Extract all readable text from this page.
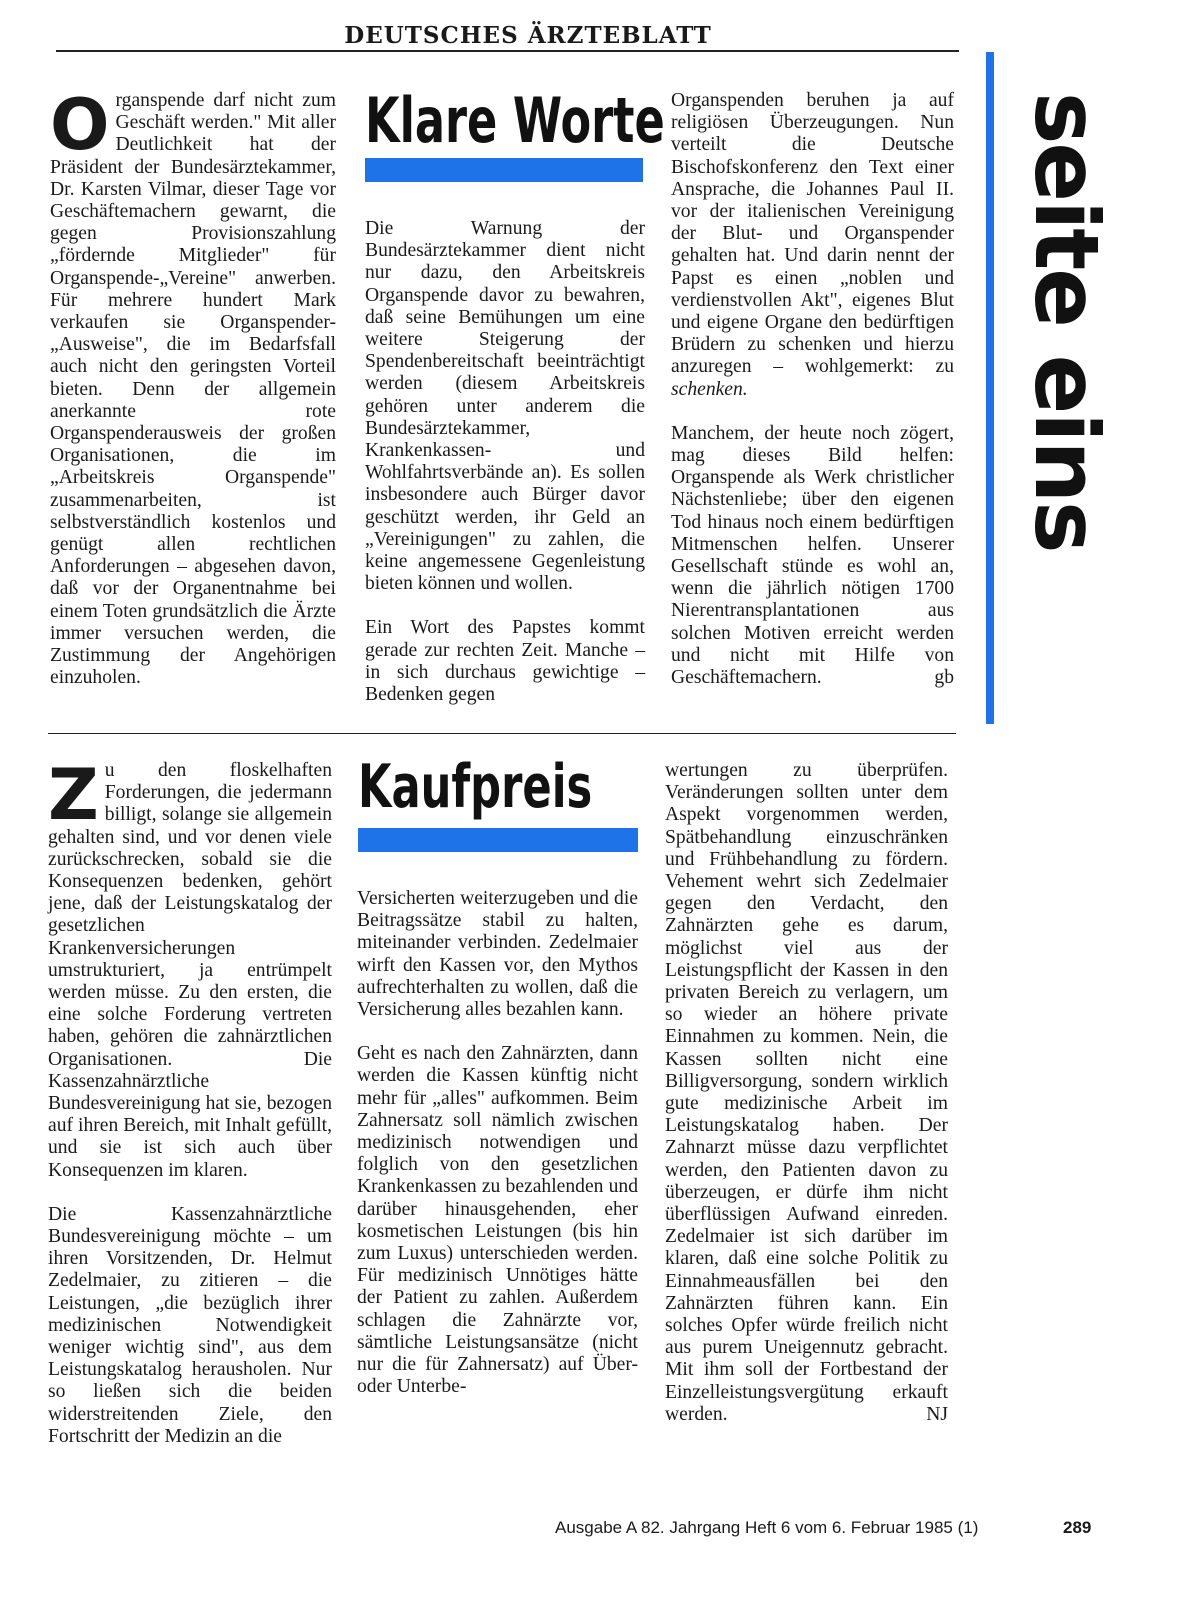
DEUTSCHES ÄRZTEBLATT
seite eins

Organspende darf nicht zum Geschäft werden." Mit aller Deutlichkeit hat der Präsident der Bundesärztekammer, Dr. Karsten Vilmar, dieser Tage vor Geschäftemachern gewarnt, die gegen Provisionszahlung „fördernde Mitglieder" für Organspende-„Vereine" anwerben. Für mehrere hundert Mark verkaufen sie Organspender-„Ausweise", die im Bedarfsfall auch nicht den geringsten Vorteil bieten. Denn der allgemein anerkannte rote Organspenderausweis der großen Organisationen, die im „Arbeitskreis Organspende" zusammenarbeiten, ist selbstverständlich kostenlos und genügt allen rechtlichen Anforderungen – abgesehen davon, daß vor der Organentnahme bei einem Toten grundsätzlich die Ärzte immer versuchen werden, die Zustimmung der Angehörigen einzuholen.

Klare Worte

Die Warnung der Bundesärztekammer dient nicht nur dazu, den Arbeitskreis Organspende davor zu bewahren, daß seine Bemühungen um eine weitere Steigerung der Spendenbereitschaft beeinträchtigt werden (diesem Arbeitskreis gehören unter anderem die Bundesärztekammer, Krankenkassen- und Wohlfahrtsverbände an). Es sollen insbesondere auch Bürger davor geschützt werden, ihr Geld an „Vereinigungen" zu zahlen, die keine angemessene Gegenleistung bieten können und wollen.

Ein Wort des Papstes kommt gerade zur rechten Zeit. Manche – in sich durchaus gewichtige – Bedenken gegen

Organspenden beruhen ja auf religiösen Überzeugungen. Nun verteilt die Deutsche Bischofskonferenz den Text einer Ansprache, die Johannes Paul II. vor der italienischen Vereinigung der Blut- und Organspender gehalten hat. Und darin nennt der Papst es einen „noblen und verdienstvollen Akt", eigenes Blut und eigene Organe den bedürftigen Brüdern zu schenken und hierzu anzuregen – wohlgemerkt: zu schenken.

Manchem, der heute noch zögert, mag dieses Bild helfen: Organspende als Werk christlicher Nächstenliebe; über den eigenen Tod hinaus noch einem bedürftigen Mitmenschen helfen. Unserer Gesellschaft stünde es wohl an, wenn die jährlich nötigen 1700 Nierentransplantationen aus solchen Motiven erreicht werden und nicht mit Hilfe von Geschäftemachern.	gb

Zu den floskelhaften Forderungen, die jedermann billigt, solange sie allgemein gehalten sind, und vor denen viele zurückschrecken, sobald sie die Konsequenzen bedenken, gehört jene, daß der Leistungskatalog der gesetzlichen Krankenversicherungen umstrukturiert, ja entrümpelt werden müsse. Zu den ersten, die eine solche Forderung vertreten haben, gehören die zahnärztlichen Organisationen. Die Kassenzahnärztliche Bundesvereinigung hat sie, bezogen auf ihren Bereich, mit Inhalt gefüllt, und sie ist sich auch über Konsequenzen im klaren.

Die Kassenzahnärztliche Bundesvereinigung möchte – um ihren Vorsitzenden, Dr. Helmut Zedelmaier, zu zitieren – die Leistungen, „die bezüglich ihrer medizinischen Notwendigkeit weniger wichtig sind", aus dem Leistungskatalog herausholen. Nur so ließen sich die beiden widerstreitenden Ziele, den Fortschritt der Medizin an die

Kaufpreis

Versicherten weiterzugeben und die Beitragssätze stabil zu halten, miteinander verbinden. Zedelmaier wirft den Kassen vor, den Mythos aufrechterhalten zu wollen, daß die Versicherung alles bezahlen kann.

Geht es nach den Zahnärzten, dann werden die Kassen künftig nicht mehr für „alles" aufkommen. Beim Zahnersatz soll nämlich zwischen medizinisch notwendigen und folglich von den gesetzlichen Krankenkassen zu bezahlenden und darüber hinausgehenden, eher kosmetischen Leistungen (bis hin zum Luxus) unterschieden werden. Für medizinisch Unnötiges hätte der Patient zu zahlen. Außerdem schlagen die Zahnärzte vor, sämtliche Leistungsansätze (nicht nur die für Zahnersatz) auf Über- oder Unterbe-

wertungen zu überprüfen. Veränderungen sollten unter dem Aspekt vorgenommen werden, Spätbehandlung einzuschränken und Frühbehandlung zu fördern. Vehement wehrt sich Zedelmaier gegen den Verdacht, den Zahnärzten gehe es darum, möglichst viel aus der Leistungspflicht der Kassen in den privaten Bereich zu verlagern, um so wieder an höhere private Einnahmen zu kommen. Nein, die Kassen sollten nicht eine Billigversorgung, sondern wirklich gute medizinische Arbeit im Leistungskatalog haben. Der Zahnarzt müsse dazu verpflichtet werden, den Patienten davon zu überzeugen, er dürfe ihm nicht überflüssigen Aufwand einreden. Zedelmaier ist sich darüber im klaren, daß eine solche Politik zu Einnahmeausfällen bei den Zahnärzten führen kann. Ein solches Opfer würde freilich nicht aus purem Uneigennutz gebracht. Mit ihm soll der Fortbestand der Einzelleistungsvergütung erkauft werden.	NJ

Ausgabe A 82. Jahrgang Heft 6 vom 6. Februar 1985 (1)	289
